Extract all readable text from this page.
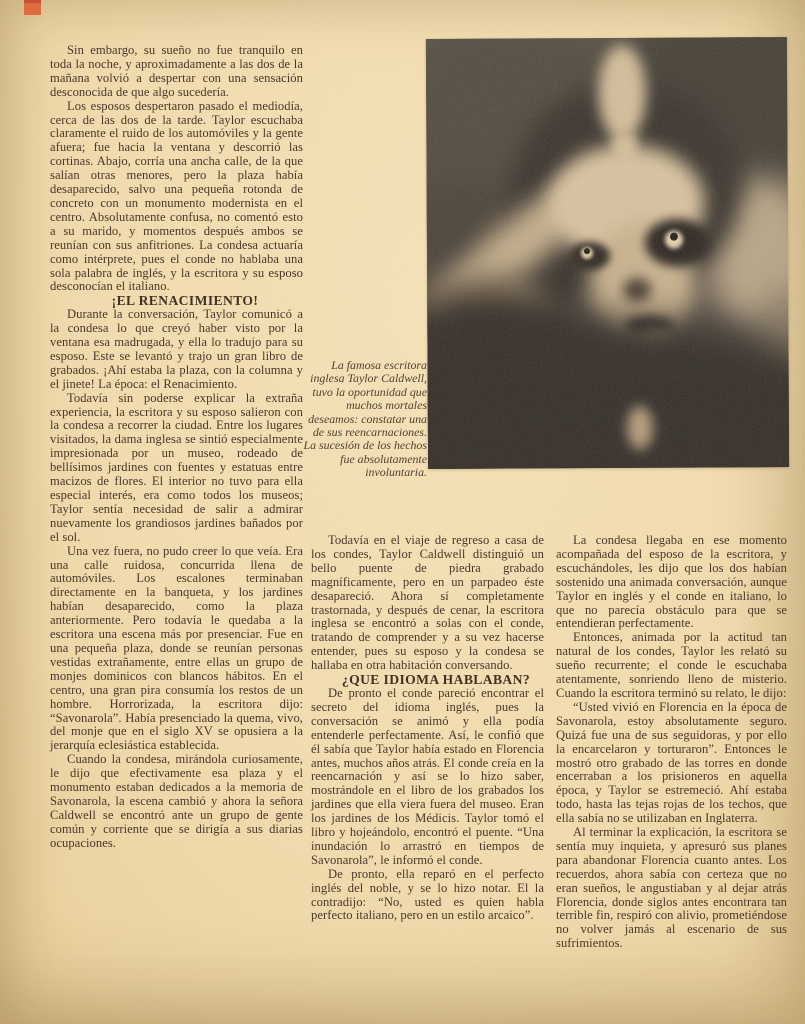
Sin embargo, su sueño no fue tranquilo en toda la noche, y aproximadamente a las dos de la mañana volvió a despertar con una sensación desconocida de que algo sucedería.

Los esposos despertaron pasado el mediodía, cerca de las dos de la tarde. Taylor escuchaba claramente el ruido de los automóviles y la gente afuera; fue hacia la ventana y descorrió las cortinas. Abajo, corría una ancha calle, de la que salían otras menores, pero la plaza había desaparecido, salvo una pequeña rotonda de concreto con un monumento modernista en el centro. Absolutamente confusa, no comentó esto a su marido, y momentos después ambos se reunían con sus anfitriones. La condesa actuaría como intérprete, pues el conde no hablaba una sola palabra de inglés, y la escritora y su esposo desconocían el italiano.

¡EL RENACIMIENTO!

Durante la conversación, Taylor comunicó a la condesa lo que creyó haber visto por la ventana esa madrugada, y ella lo tradujo para su esposo. Este se levantó y trajo un gran libro de grabados. ¡Ahí estaba la plaza, con la columna y el jinete! La época: el Renacimiento.

Todavía sin poderse explicar la extraña experiencia, la escritora y su esposo salieron con la condesa a recorrer la ciudad. Entre los lugares visitados, la dama inglesa se sintió especialmente impresionada por un museo, rodeado de bellísimos jardines con fuentes y estatuas entre macizos de flores. El interior no tuvo para ella especial interés, era como todos los museos; Taylor sentía necesidad de salir a admirar nuevamente los grandiosos jardines bañados por el sol.

Una vez fuera, no pudo creer lo que veía. Era una calle ruidosa, concurrida llena de automóviles. Los escalones terminaban directamente en la banqueta, y los jardines habían desaparecido, como la plaza anteriormente. Pero todavía le quedaba a la escritora una escena más por presenciar. Fue en una pequeña plaza, donde se reunían personas vestidas extrañamente, entre ellas un grupo de monjes dominicos con blancos hábitos. En el centro, una gran pira consumía los restos de un hombre. Horrorizada, la escritora dijo: “Savonarola”. Había presenciado la quema, vivo, del monje que en el siglo XV se opusiera a la jerarquía eclesiástica establecida.

Cuando la condesa, mirándola curiosamente, le dijo que efectivamente esa plaza y el monumento estaban dedicados a la memoria de Savonarola, la escena cambió y ahora la señora Caldwell se encontró ante un grupo de gente común y corriente que se dirigía a sus diarias ocupaciones.

La famosa escritora inglesa Taylor Caldwell, tuvo la oportunidad que muchos mortales deseamos: constatar una de sus reencarnaciones. La sucesión de los hechos fue absolutamente involuntaria.

Todavía en el viaje de regreso a casa de los condes, Taylor Caldwell distinguió un bello puente de piedra grabado magníficamente, pero en un parpadeo éste desapareció. Ahora sí completamente trastornada, y después de cenar, la escritora inglesa se encontró a solas con el conde, tratando de comprender y a su vez hacerse entender, pues su esposo y la condesa se hallaba en otra habitación conversando.

¿QUE IDIOMA HABLABAN?

De pronto el conde pareció encontrar el secreto del idioma inglés, pues la conversación se animó y ella podía entenderle perfectamente. Así, le confió que él sabía que Taylor había estado en Florencia antes, muchos años atrás. El conde creía en la reencarnación y así se lo hizo saber, mostrándole en el libro de los grabados los jardines que ella viera fuera del museo. Eran los jardines de los Médicis. Taylor tomó el libro y hojeándolo, encontró el puente. “Una inundación lo arrastró en tiempos de Savonarola”, le informó el conde.

De pronto, ella reparó en el perfecto inglés del noble, y se lo hizo notar. El la contradijo: “No, usted es quien habla perfecto italiano, pero en un estilo arcaico”.

La condesa llegaba en ese momento acompañada del esposo de la escritora, y escuchándoles, les dijo que los dos habían sostenido una animada conversación, aunque Taylor en inglés y el conde en italiano, lo que no parecía obstáculo para que se entendieran perfectamente.

Entonces, animada por la actitud tan natural de los condes, Taylor les relató su sueño recurrente; el conde le escuchaba atentamente, sonriendo lleno de misterio. Cuando la escritora terminó su relato, le dijo:

“Usted vivió en Florencia en la época de Savonarola, estoy absolutamente seguro. Quizá fue una de sus seguidoras, y por ello la encarcelaron y torturaron”. Entonces le mostró otro grabado de las torres en donde encerraban a los prisioneros en aquella época, y Taylor se estremeció. Ahí estaba todo, hasta las tejas rojas de los techos, que ella sabía no se utilizaban en Inglaterra.

Al terminar la explicación, la escritora se sentía muy inquieta, y apresuró sus planes para abandonar Florencia cuanto antes. Los recuerdos, ahora sabía con certeza que no eran sueños, le angustiaban y al dejar atrás Florencia, donde siglos antes encontrara tan terrible fin, respiró con alivio, prometiéndose no volver jamás al escenario de sus sufrimientos.
